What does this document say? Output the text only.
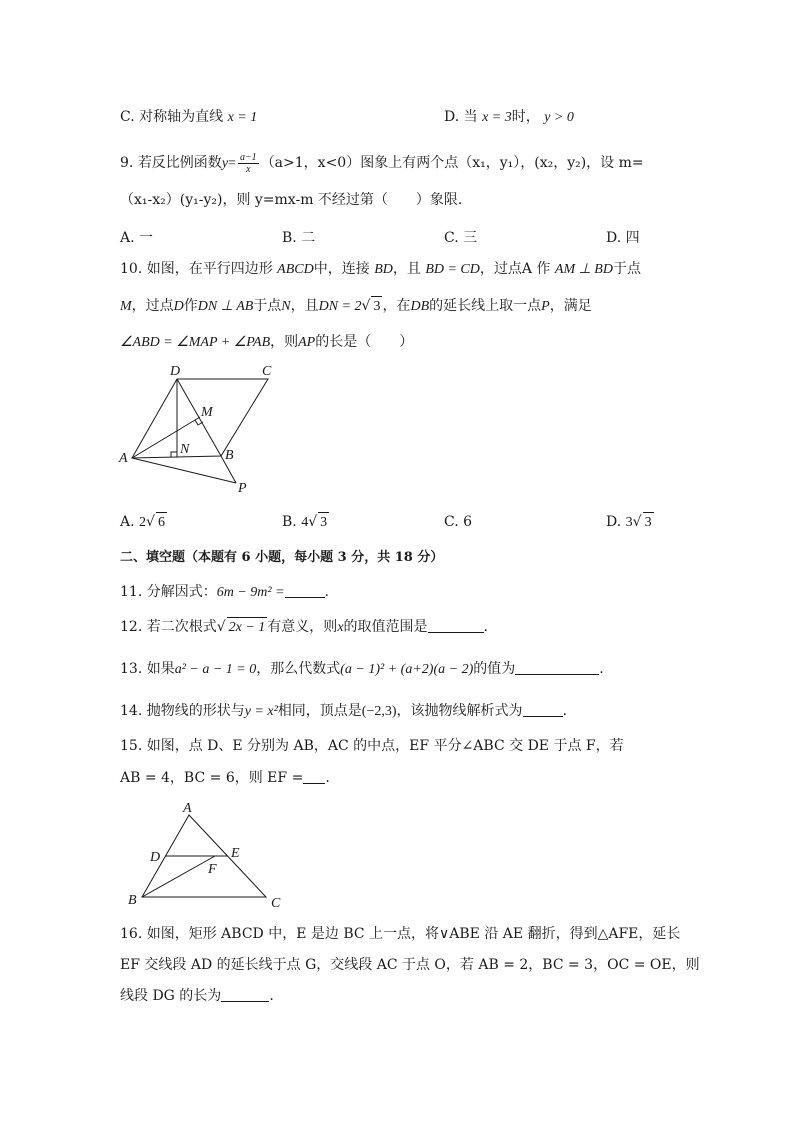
C. 对称轴为直线 x = 1	D. 当 x = 3时， y > 0
9. 若反比例函数$y= \frac{a-1}{x} (a>1$，x<0）图象上有两个点（x₁，y₁），(x₂，y₂)，设 m=
（x₁-x₂）(y₁-y₂)，则 y=mx-m 不经过第（　　）象限.
A. 一	B. 二	C. 三	D. 四
10. 如图，在平行四边形 ABCD中，连接 BD，且 BD = CD，过点A 作 AM ⊥ BD于点
M，过点D作DN ⊥ AB于点N，且DN = 2√ 3 ，在DB的延长线上取一点P，满足
∠ABD = ∠MAP + ∠PAB，则AP的长是（　　）
D	C
M
N
A	B
P
A. 2√ 6	B. 4√ 3	C. 6	D. 3√ 3
二、填空题（本题有 6 小题，每小题 3 分，共 18 分）
11. 分解因式：6m − 9m² =	.
12. 若二次根式√ 2x − 1 有意义，则x的取值范围是	.
13. 如果a² − a − 1 = 0，那么代数式(a − 1)² + (a+2)(a − 2)的值为	.
14. 抛物线的形状与y = x²相同，顶点是(−2,3)，该抛物线解析式为	.
15. 如图，点 D、E 分别为 AB，AC 的中点，EF 平分∠ABC 交 DE 于点 F，若
AB = 4，BC = 6，则 EF = .
A
D	E
F
B	C
16. 如图，矩形 ABCD 中，E 是边 BC 上一点，将∨ABE 沿 AE 翻折，得到△AFE，延长
EF 交线段 AD 的延长线于点 G，交线段 AC 于点 O，若 AB = 2，BC = 3，OC = OE，则
线段 DG 的长为	.
